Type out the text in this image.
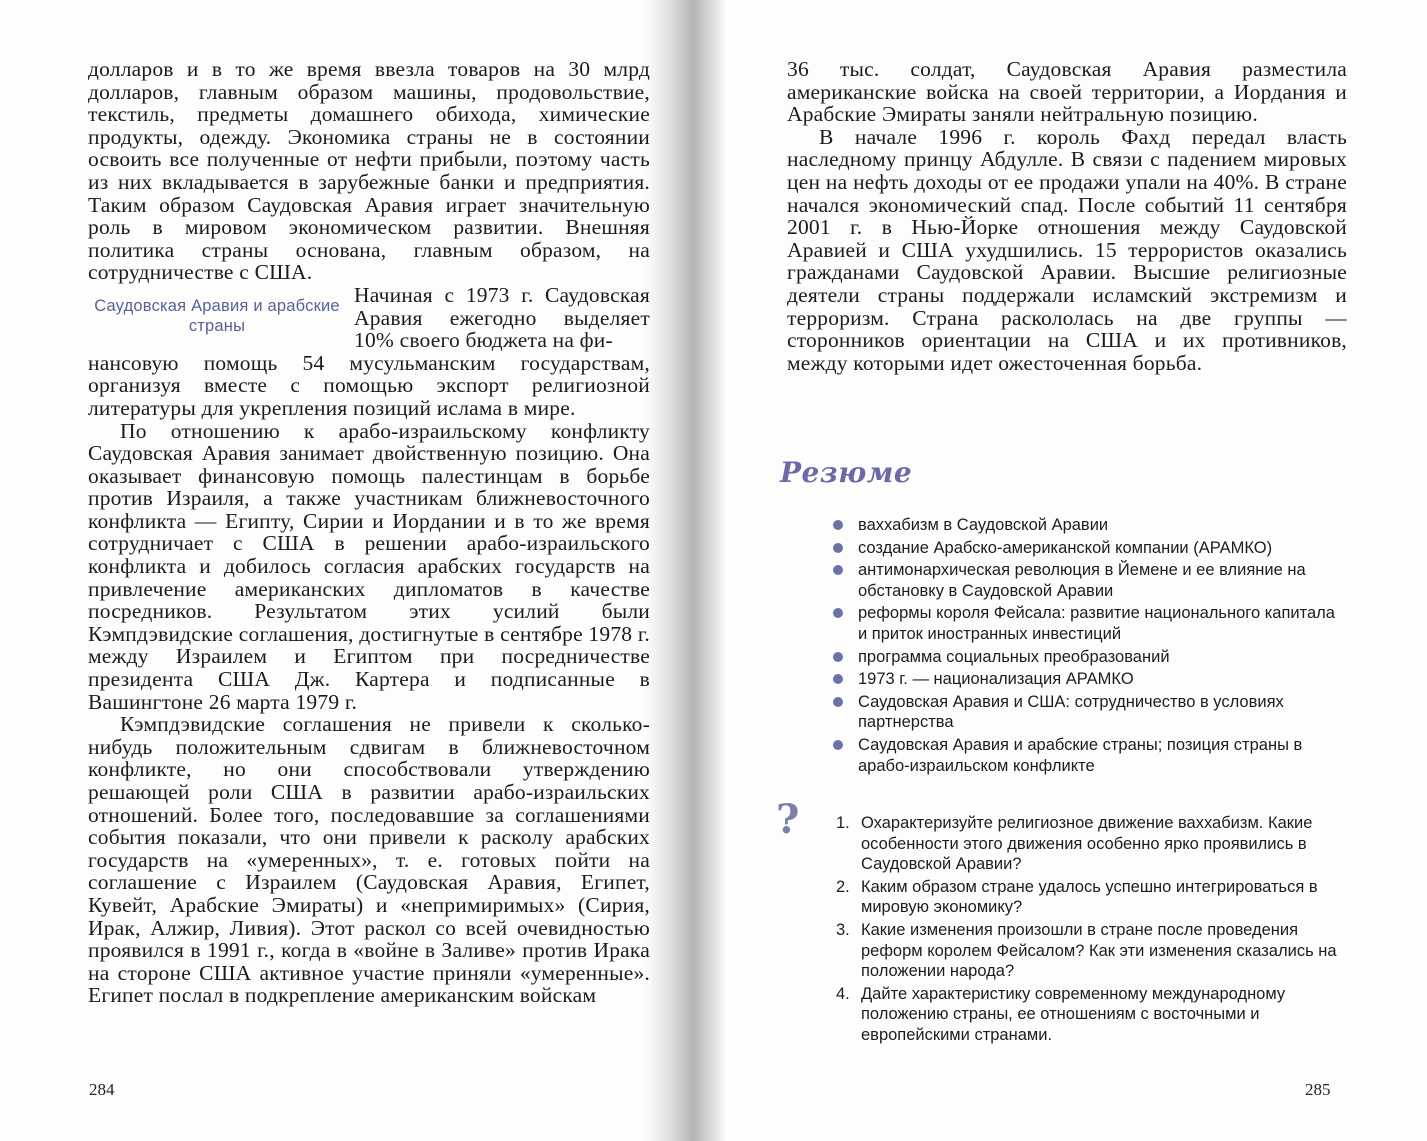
долларов и в то же время ввезла товаров на 30 млрд долларов, главным образом машины, продовольствие, текстиль, предметы домашнего обихода, химические продукты, одежду. Экономика страны не в состоянии освоить все полученные от нефти прибыли, поэтому часть из них вкладывается в зарубежные банки и предприятия. Таким образом Саудовская Аравия играет значительную роль в мировом экономическом развитии. Внешняя политика страны основана, главным образом, на сотрудничестве с США.

Саудовская Аравия и арабские страны
Начиная с 1973 г. Саудовская Аравия ежегодно выделяет 10% своего бюджета на фи-

нансовую помощь 54 мусульманским государствам, организуя вместе с помощью экспорт религиозной литературы для укрепления позиций ислама в мире.

По отношению к арабо-израильскому конфликту Саудовская Аравия занимает двойственную позицию. Она оказывает финансовую помощь палестинцам в борьбе против Израиля, а также участникам ближневосточного конфликта — Египту, Сирии и Иордании и в то же время сотрудничает с США в решении арабо-израильского конфликта и добилось согласия арабских государств на привлечение американских дипломатов в качестве посредников. Результатом этих усилий были Кэмпдэвидские соглашения, достигнутые в сентябре 1978 г. между Израилем и Египтом при посредничестве президента США Дж. Картера и подписанные в Вашингтоне 26 марта 1979 г.

Кэмпдэвидские соглашения не привели к сколько-нибудь положительным сдвигам в ближневосточном конфликте, но они способствовали утверждению решающей роли США в развитии арабо-израильских отношений. Более того, последовавшие за соглашениями события показали, что они привели к расколу арабских государств на «умеренных», т. е. готовых пойти на соглашение с Израилем (Саудовская Аравия, Египет, Кувейт, Арабские Эмираты) и «непримиримых» (Сирия, Ирак, Алжир, Ливия). Этот раскол со всей очевидностью проявился в 1991 г., когда в «войне в Заливе» против Ирака на стороне США активное участие приняли «умеренные». Египет послал в подкрепление американским войскам

284

36 тыс. солдат, Саудовская Аравия разместила американские войска на своей территории, а Иордания и Арабские Эмираты заняли нейтральную позицию.

В начале 1996 г. король Фахд передал власть наследному принцу Абдулле. В связи с падением мировых цен на нефть доходы от ее продажи упали на 40%. В стране начался экономический спад. После событий 11 сентября 2001 г. в Нью-Йорке отношения между Саудовской Аравией и США ухудшились. 15 террористов оказались гражданами Саудовской Аравии. Высшие религиозные деятели страны поддержали исламский экстремизм и терроризм. Страна раскололась на две группы — сторонников ориентации на США и их противников, между которыми идет ожесточенная борьба.

Резюме
ваххабизм в Саудовской Аравии
создание Арабско-американской компании (АРАМКО)
антимонархическая революция в Йемене и ее влияние на обстановку в Саудовской Аравии
реформы короля Фейсала: развитие национального капитала и приток иностранных инвестиций
программа социальных преобразований
1973 г. — национализация АРАМКО
Саудовская Аравия и США: сотрудничество в условиях партнерства
Саудовская Аравия и арабские страны; позиция страны в арабо-израильском конфликте
? 1. Охарактеризуйте религиозное движение ваххабизм. Какие особенности этого движения особенно ярко проявились в Саудовской Аравии?
2. Каким образом стране удалось успешно интегрироваться в мировую экономику?
3. Какие изменения произошли в стране после проведения реформ королем Фейсалом? Как эти изменения сказались на положении народа?
4. Дайте характеристику современному международному положению страны, ее отношениям с восточными и европейскими странами.
285
